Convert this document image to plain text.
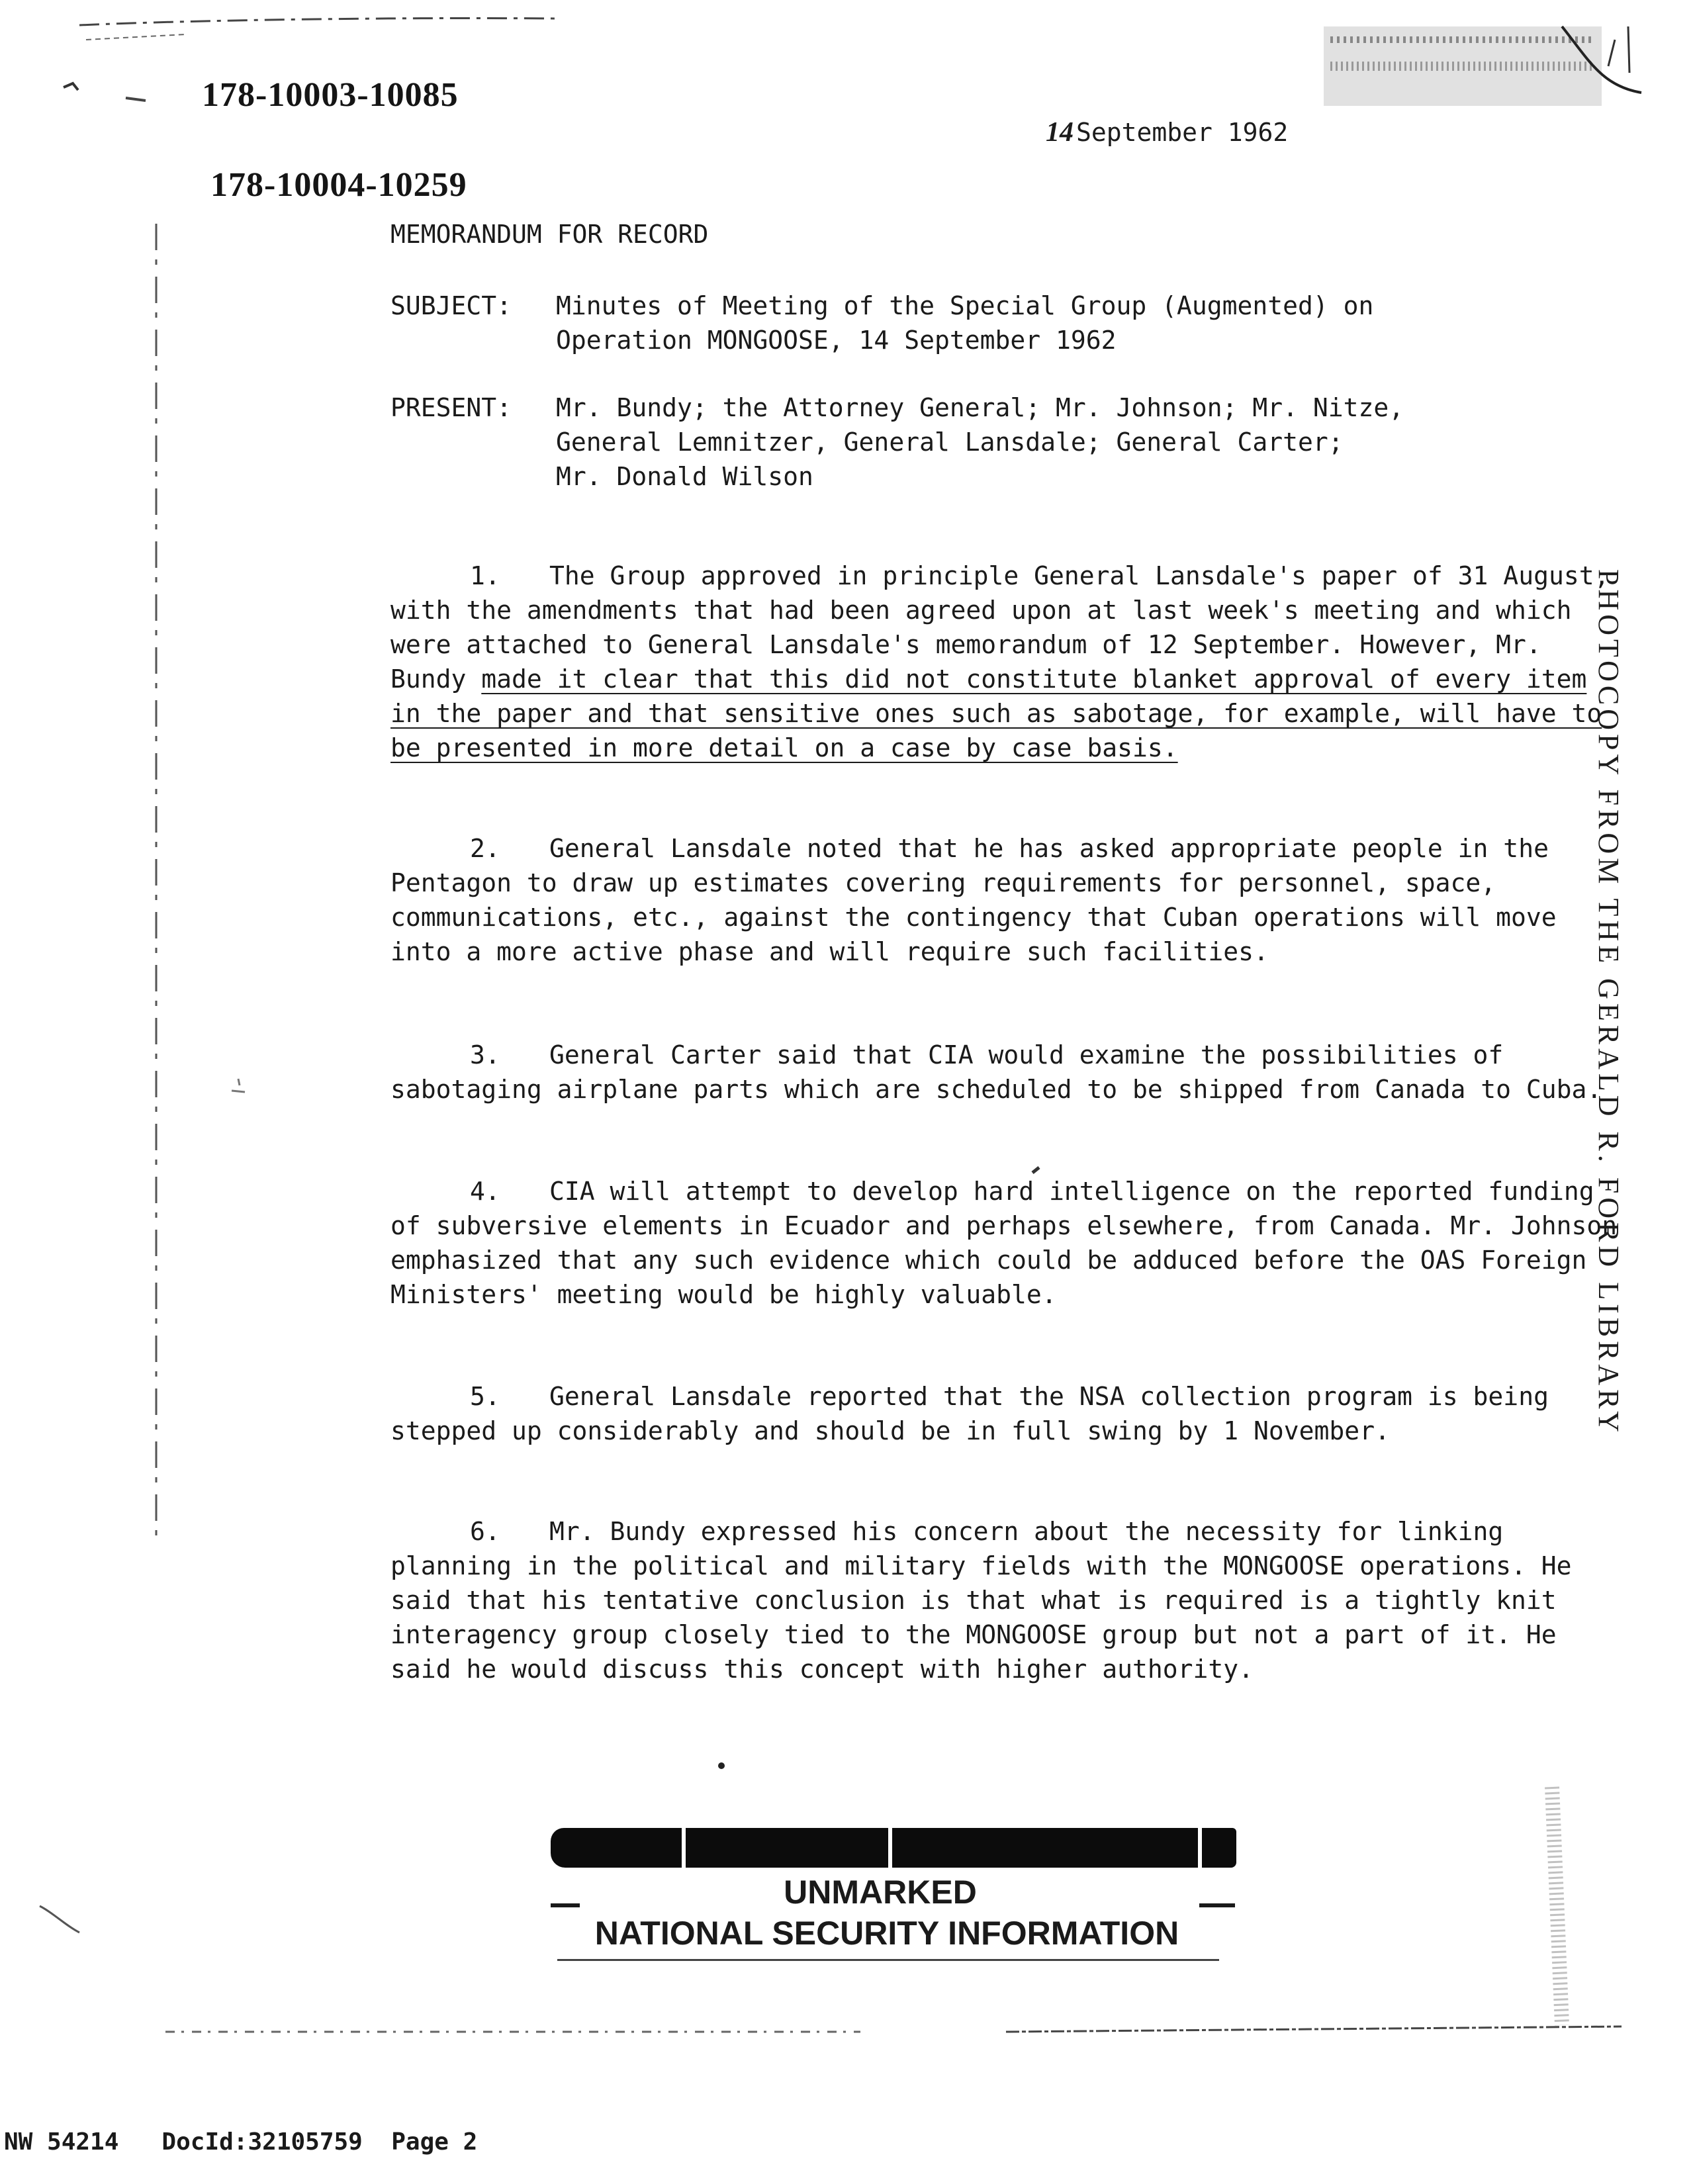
178-10003-10085
178-10004-10259
14 September 1962
MEMORANDUM FOR RECORD
SUBJECT: Minutes of Meeting of the Special Group (Augmented) on
Operation MONGOOSE, 14 September 1962
PRESENT: Mr. Bundy; the Attorney General; Mr. Johnson; Mr. Nitze,
General Lemnitzer, General Lansdale; General Carter;
Mr. Donald Wilson
1. The Group approved in principle General Lansdale's paper of 31 August, with the amendments that had been agreed upon at last week's meeting and which were attached to General Lansdale's memorandum of 12 September. However, Mr. Bundy made it clear that this did not constitute blanket approval of every item in the paper and that sensitive ones such as sabotage, for example, will have to be presented in more detail on a case by case basis.
2. General Lansdale noted that he has asked appropriate people in the Pentagon to draw up estimates covering requirements for personnel, space, communications, etc., against the contingency that Cuban operations will move into a more active phase and will require such facilities.
3. General Carter said that CIA would examine the possibilities of sabotaging airplane parts which are scheduled to be shipped from Canada to Cuba.
4. CIA will attempt to develop hard intelligence on the reported funding of subversive elements in Ecuador and perhaps elsewhere, from Canada. Mr. Johnson emphasized that any such evidence which could be adduced before the OAS Foreign Ministers' meeting would be highly valuable.
5. General Lansdale reported that the NSA collection program is being stepped up considerably and should be in full swing by 1 November.
6. Mr. Bundy expressed his concern about the necessity for linking planning in the political and military fields with the MONGOOSE operations. He said that his tentative conclusion is that what is required is a tightly knit interagency group closely tied to the MONGOOSE group but not a part of it. He said he would discuss this concept with higher authority.
PHOTOCOPY FROM THE GERALD R. FORD LIBRARY
UNMARKED
NATIONAL SECURITY INFORMATION
NW 54214 DocId:32105759 Page 2
